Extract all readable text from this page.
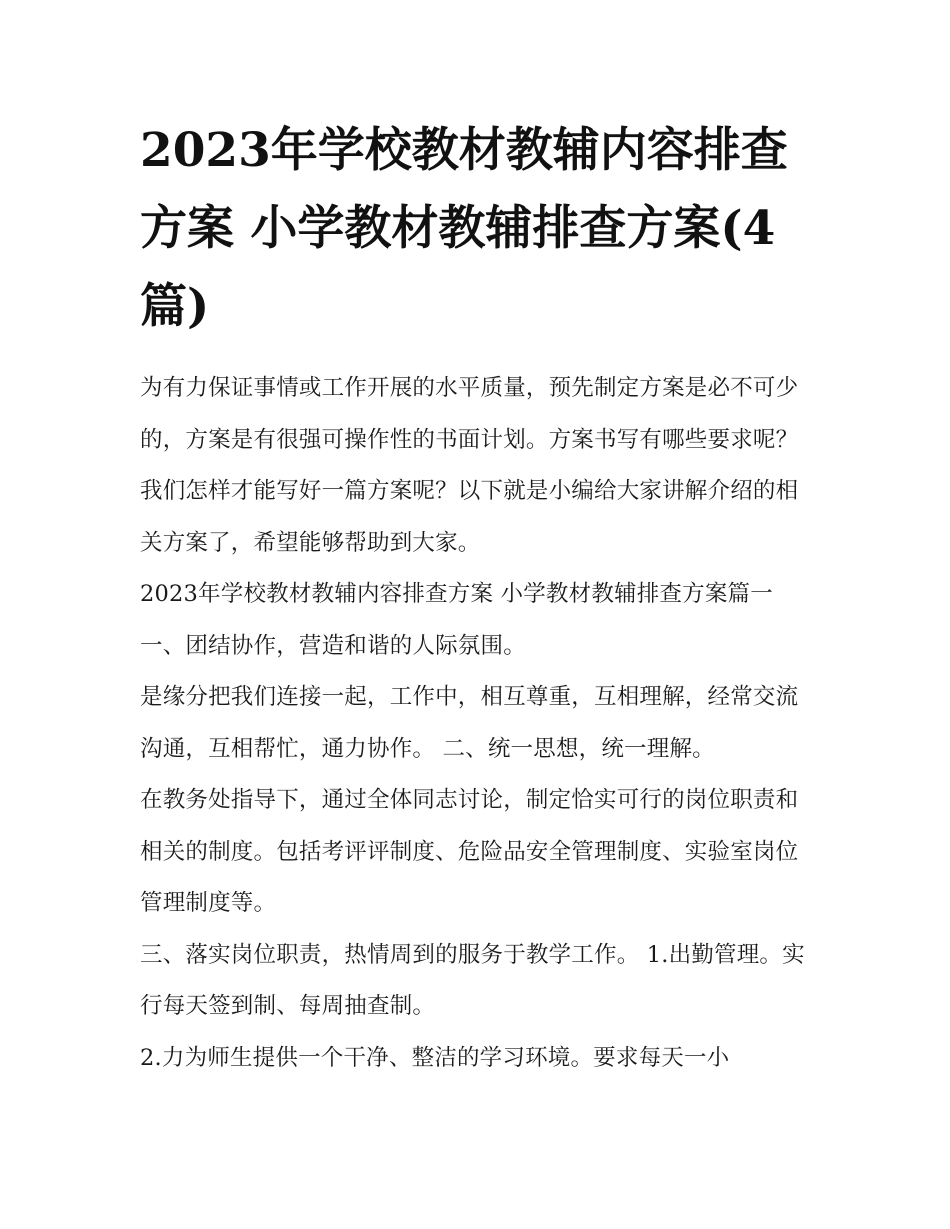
2023年学校教材教辅内容排查方案 小学教材教辅排查方案(4篇)

为有力保证事情或工作开展的水平质量，预先制定方案是必不可少的，方案是有很强可操作性的书面计划。方案书写有哪些要求呢？我们怎样才能写好一篇方案呢？以下就是小编给大家讲解介绍的相关方案了，希望能够帮助到大家。

2023年学校教材教辅内容排查方案 小学教材教辅排查方案篇一 一、团结协作，营造和谐的人际氛围。

是缘分把我们连接一起，工作中，相互尊重，互相理解，经常交流沟通，互相帮忙，通力协作。 二、统一思想，统一理解。

在教务处指导下，通过全体同志讨论，制定恰实可行的岗位职责和相关的制度。包括考评评制度、危险品安全管理制度、实验室岗位管理制度等。

三、落实岗位职责，热情周到的服务于教学工作。 1.出勤管理。实行每天签到制、每周抽查制。

2.力为师生提供一个干净、整洁的学习环境。要求每天一小
